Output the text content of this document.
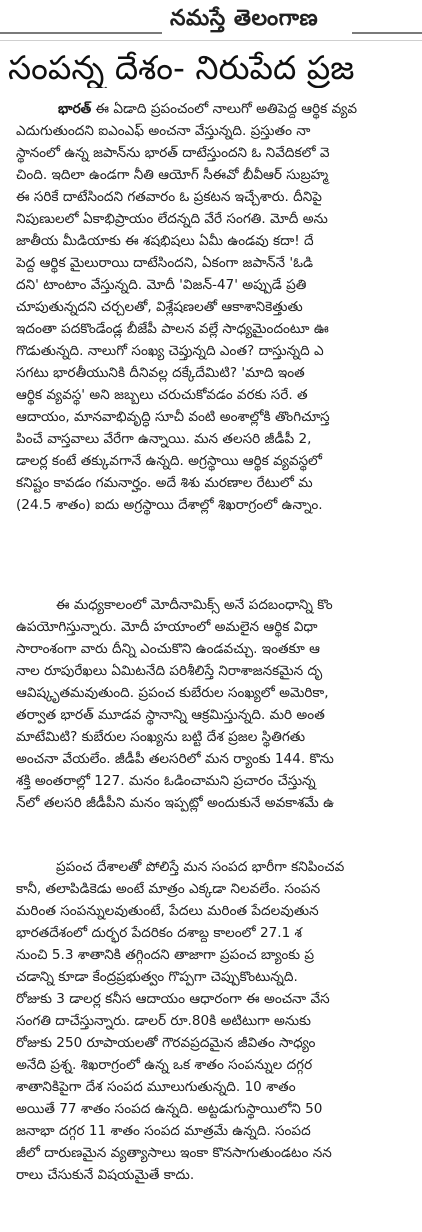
నమస్తే తెలంగాణ
సంపన్న దేశం- నిరుపేద ప్రజ
భారత్ ఈ ఏడాది ప్రపంచంలో నాలుగో అతిపెద్ద ఆర్థిక వ్యవ
ఎదుగుతుందని ఐఎంఎఫ్ అంచనా వేస్తున్నది. ప్రస్తుతం నా
స్థానంలో ఉన్న జపాన్‌ను భారత్ దాటేస్తుందని ఓ నివేదికలో వె
చింది. ఇదిలా ఉండగా నీతి ఆయోగ్ సీఈవో బీవీఆర్ సుబ్రహ్మ
ఈ సరికే దాటేసిందని గతవారం ఓ ప్రకటన ఇచ్చేశారు. దీనిపై
నిపుణులలో ఏకాభిప్రాయం లేదన్నది వేరే సంగతి. మోదీ అను
జాతీయ మీడియాకు ఈ శషభిషలు ఏమీ ఉండవు కదా! దే
పెద్ద ఆర్థిక మైలురాయి దాటేసిందని, ఏకంగా జపాన్‌నే 'ఓడి
దని' టాంటాం వేస్తున్నది. మోదీ 'విజన్-47' అప్పుడే ప్రతి
చూపుతున్నదని చర్చలతో, విశ్లేషణలతో ఆకాశానికెత్తుతు
ఇదంతా పదకొండేండ్ల బీజేపీ పాలన వల్లే సాధ్యమైందంటూ ఊ
గొడుతున్నది. నాలుగో సంఖ్య చెప్తున్నది ఎంత? దాస్తున్నది ఎ
సగటు భారతీయునికి దీనివల్ల దక్కేదేమిటి? 'మాది ఇంత
ఆర్థిక వ్యవస్థ' అని జబ్బలు చరుచుకోవడం వరకు సరే. త
ఆదాయం, మానవాభివృద్ధి సూచీ వంటి అంశాల్లోకి తొంగిచూస్త
పించే వాస్తవాలు వేరేగా ఉన్నాయి. మన తలసరి జీడీపీ 2,
డాలర్ల కంటే తక్కువగానే ఉన్నది. అగ్రస్థాయి ఆర్థిక వ్యవస్థలో
కనిష్టం కావడం గమనార్హం. అదే శిశు మరణాల రేటులో మ
(24.5 శాతం) ఐదు అగ్రస్థాయి దేశాల్లో శిఖరాగ్రంలో ఉన్నాం.
ఈ మధ్యకాలంలో మోదీనామిక్స్ అనే పదబంధాన్ని కొం
ఉపయోగిస్తున్నారు. మోదీ హయాంలో అమలైన ఆర్థిక విధా
సారాంశంగా వారు దీన్ని ఎంచుకొని ఉండవచ్చు. ఇంతకూ ఆ
నాల రూపురేఖలు ఏమిటనేది పరిశీలిస్తే నిరాశాజనకమైన దృ
ఆవిష్కృతమవుతుంది. ప్రపంచ కుబేరుల సంఖ్యలో అమెరికా,
తర్వాత భారత్ మూడవ స్థానాన్ని ఆక్రమిస్తున్నది. మరి అంత
మాటేమిటి? కుబేరుల సంఖ్యను బట్టి దేశ ప్రజల స్థితిగతు
అంచనా వేయలేం. జీడీపీ తలసరిలో మన ర్యాంకు 144. కొను
శక్తి అంతరాల్లో 127. మనం ఓడించామని ప్రచారం చేస్తున్న
న్‌లో తలసరి జీడీపీని మనం ఇప్పట్లో అందుకునే అవకాశమే ఉ
ప్రపంచ దేశాలతో పోలిస్తే మన సంపద భారీగా కనిపించవ
కానీ, తలాపిడికెడు అంటే మాత్రం ఎక్కడా నిలవలేం. సంపన
మరింత సంపన్నులవుతుంటే, పేదలు మరింత పేదలవుతున
భారతదేశంలో దుర్భర పేదరికం దశాబ్ద కాలంలో 27.1 శ
నుంచి 5.3 శాతానికి తగ్గిందని తాజాగా ప్రపంచ బ్యాంకు ప్ర
చడాన్ని కూడా కేంద్రప్రభుత్వం గొప్పగా చెప్పుకొంటున్నది.
రోజుకు 3 డాలర్ల కనీస ఆదాయం ఆధారంగా ఈ అంచనా వేస
సంగతి దాచేస్తున్నారు. డాలర్ రూ.80కి అటిటుగా అనుకు
రోజుకు 250 రూపాయలతో గౌరవప్రదమైన జీవితం సాధ్యం
అనేది ప్రశ్న. శిఖరాగ్రంలో ఉన్న ఒక శాతం సంపన్నుల దగ్గర
శాతానికిపైగా దేశ సంపద మూలుగుతున్నది. 10 శాతం
అయితే 77 శాతం సంపద ఉన్నది. అట్టడుగుస్థాయిలోని 50
జనాభా దగ్గర 11 శాతం సంపద మాత్రమే ఉన్నది. సంపద
జీలో దారుణమైన వ్యత్యాసాలు ఇంకా కొనసాగుతుండటం నన
రాలు చేసుకునే విషయమైతే కాదు.
